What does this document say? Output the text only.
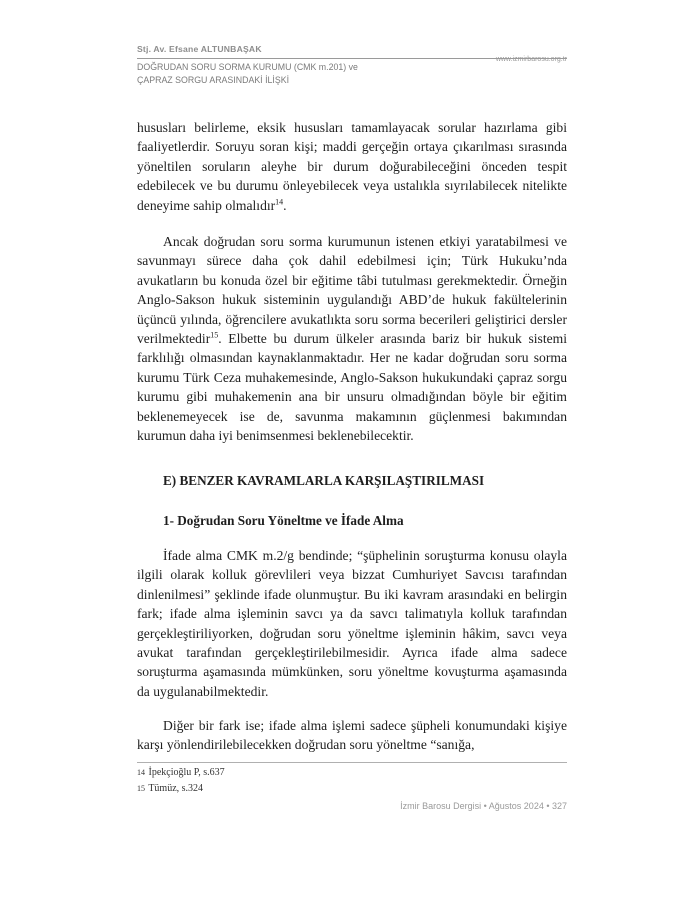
Stj. Av. Efsane ALTUNBAŞAK
DOĞRUDAN SORU SORMA KURUMU (CMK m.201) ve
ÇAPRAZ SORGU ARASINDAKİ İLİŞKİ
www.izmirbarosu.org.tr

hususları belirleme, eksik hususları tamamlayacak sorular hazırlama gibi faaliyetlerdir. Soruyu soran kişi; maddi gerçeğin ortaya çıkarılması sırasında yöneltilen soruların aleyhe bir durum doğurabileceğini önceden tespit edebilecek ve bu durumu önleyebilecek veya ustalıkla sıyrılabilecek nitelikte deneyime sahip olmalıdır$^{14}$.

Ancak doğrudan soru sorma kurumunun istenen etkiyi yaratabilmesi ve savunmayı sürece daha çok dahil edebilmesi için; Türk Hukuku’nda avukatların bu konuda özel bir eğitime tâbi tutulması gerekmektedir. Örneğin Anglo-Sakson hukuk sisteminin uygulandığı ABD’de hukuk fakültelerinin üçüncü yılında, öğrencilere avukatlıkta soru sorma becerileri geliştirici dersler verilmektedir$^{15}$. Elbette bu durum ülkeler arasında bariz bir hukuk sistemi farklılığı olmasından kaynaklanmaktadır. Her ne kadar doğrudan soru sorma kurumu Türk Ceza muhakemesinde, Anglo-Sakson hukukundaki çapraz sorgu kurumu gibi muhakemenin ana bir unsuru olmadığından böyle bir eğitim beklenemeyecek ise de, savunma makamının güçlenmesi bakımından kurumun daha iyi benimsenmesi beklenebilecektir.

E) BENZER KAVRAMLARLA KARŞILAŞTIRILMASI
1- Doğrudan Soru Yöneltme ve İfade Alma

İfade alma CMK m.2/g bendinde; “şüphelinin soruşturma konusu olayla ilgili olarak kolluk görevlileri veya bizzat Cumhuriyet Savcısı tarafından dinlenilmesi” şeklinde ifade olunmuştur. Bu iki kavram arasındaki en belirgin fark; ifade alma işleminin savcı ya da savcı talimatıyla kolluk tarafından gerçekleştiriliyorken, doğrudan soru yöneltme işleminin hâkim, savcı veya avukat tarafından gerçekleştirilebilmesidir. Ayrıca ifade alma sadece soruşturma aşamasında mümkünken, soru yöneltme kovuşturma aşamasında da uygulanabilmektedir.

Diğer bir fark ise; ifade alma işlemi sadece şüpheli konumundaki kişiye karşı yönlendirilebilecekken doğrudan soru yöneltme “sanığa,

14 İpekçioğlu P, s.637
15 Tümüz, s.324
İzmir Barosu Dergisi • Ağustos 2024 • 327
